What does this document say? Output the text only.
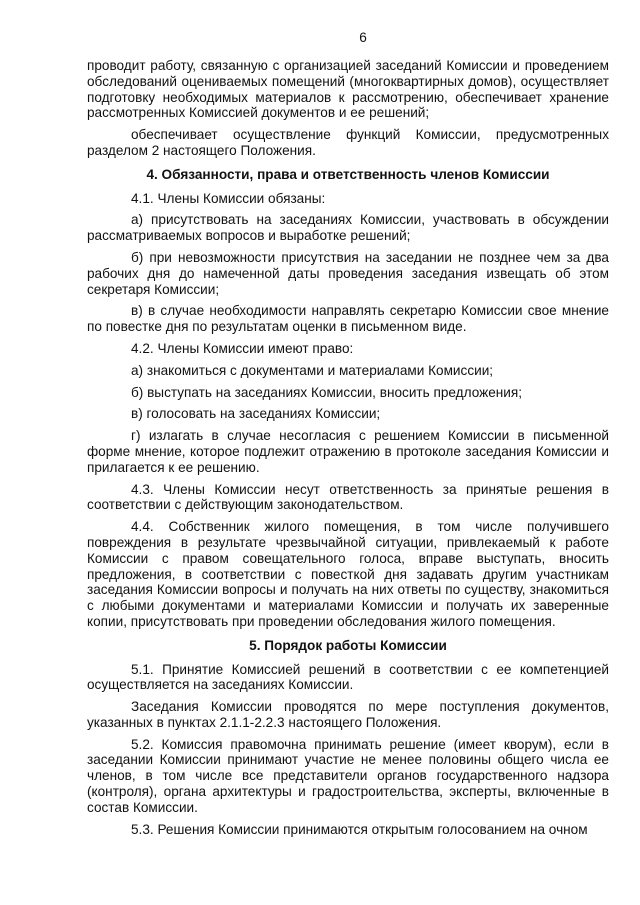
6

проводит работу, связанную с организацией заседаний Комиссии и проведением обследований оцениваемых помещений (многоквартирных домов), осуществляет подготовку необходимых материалов к рассмотрению, обеспечивает хранение рассмотренных Комиссией документов и ее решений;

обеспечивает осуществление функций Комиссии, предусмотренных разделом 2 настоящего Положения.

4. Обязанности, права и ответственность членов Комиссии

4.1. Члены Комиссии обязаны:

а) присутствовать на заседаниях Комиссии, участвовать в обсуждении рассматриваемых вопросов и выработке решений;

б) при невозможности присутствия на заседании не позднее чем за два рабочих дня до намеченной даты проведения заседания извещать об этом секретаря Комиссии;

в) в случае необходимости направлять секретарю Комиссии свое мнение по повестке дня по результатам оценки в письменном виде.

4.2. Члены Комиссии имеют право:

а) знакомиться с документами и материалами Комиссии;

б) выступать на заседаниях Комиссии, вносить предложения;

в) голосовать на заседаниях Комиссии;

г) излагать в случае несогласия с решением Комиссии в письменной форме мнение, которое подлежит отражению в протоколе заседания Комиссии и прилагается к ее решению.

4.3. Члены Комиссии несут ответственность за принятые решения в соответствии с действующим законодательством.

4.4. Собственник жилого помещения, в том числе получившего повреждения в результате чрезвычайной ситуации, привлекаемый к работе Комиссии с правом совещательного голоса, вправе выступать, вносить предложения, в соответствии с повесткой дня задавать другим участникам заседания Комиссии вопросы и получать на них ответы по существу, знакомиться с любыми документами и материалами Комиссии и получать их заверенные копии, присутствовать при проведении обследования жилого помещения.

5. Порядок работы Комиссии

5.1. Принятие Комиссией решений в соответствии с ее компетенцией осуществляется на заседаниях Комиссии.

Заседания Комиссии проводятся по мере поступления документов, указанных в пунктах 2.1.1-2.2.3 настоящего Положения.

5.2. Комиссия правомочна принимать решение (имеет кворум), если в заседании Комиссии принимают участие не менее половины общего числа ее членов, в том числе все представители органов государственного надзора (контроля), органа архитектуры и градостроительства, эксперты, включенные в состав Комиссии.

5.3. Решения Комиссии принимаются открытым голосованием на очном
